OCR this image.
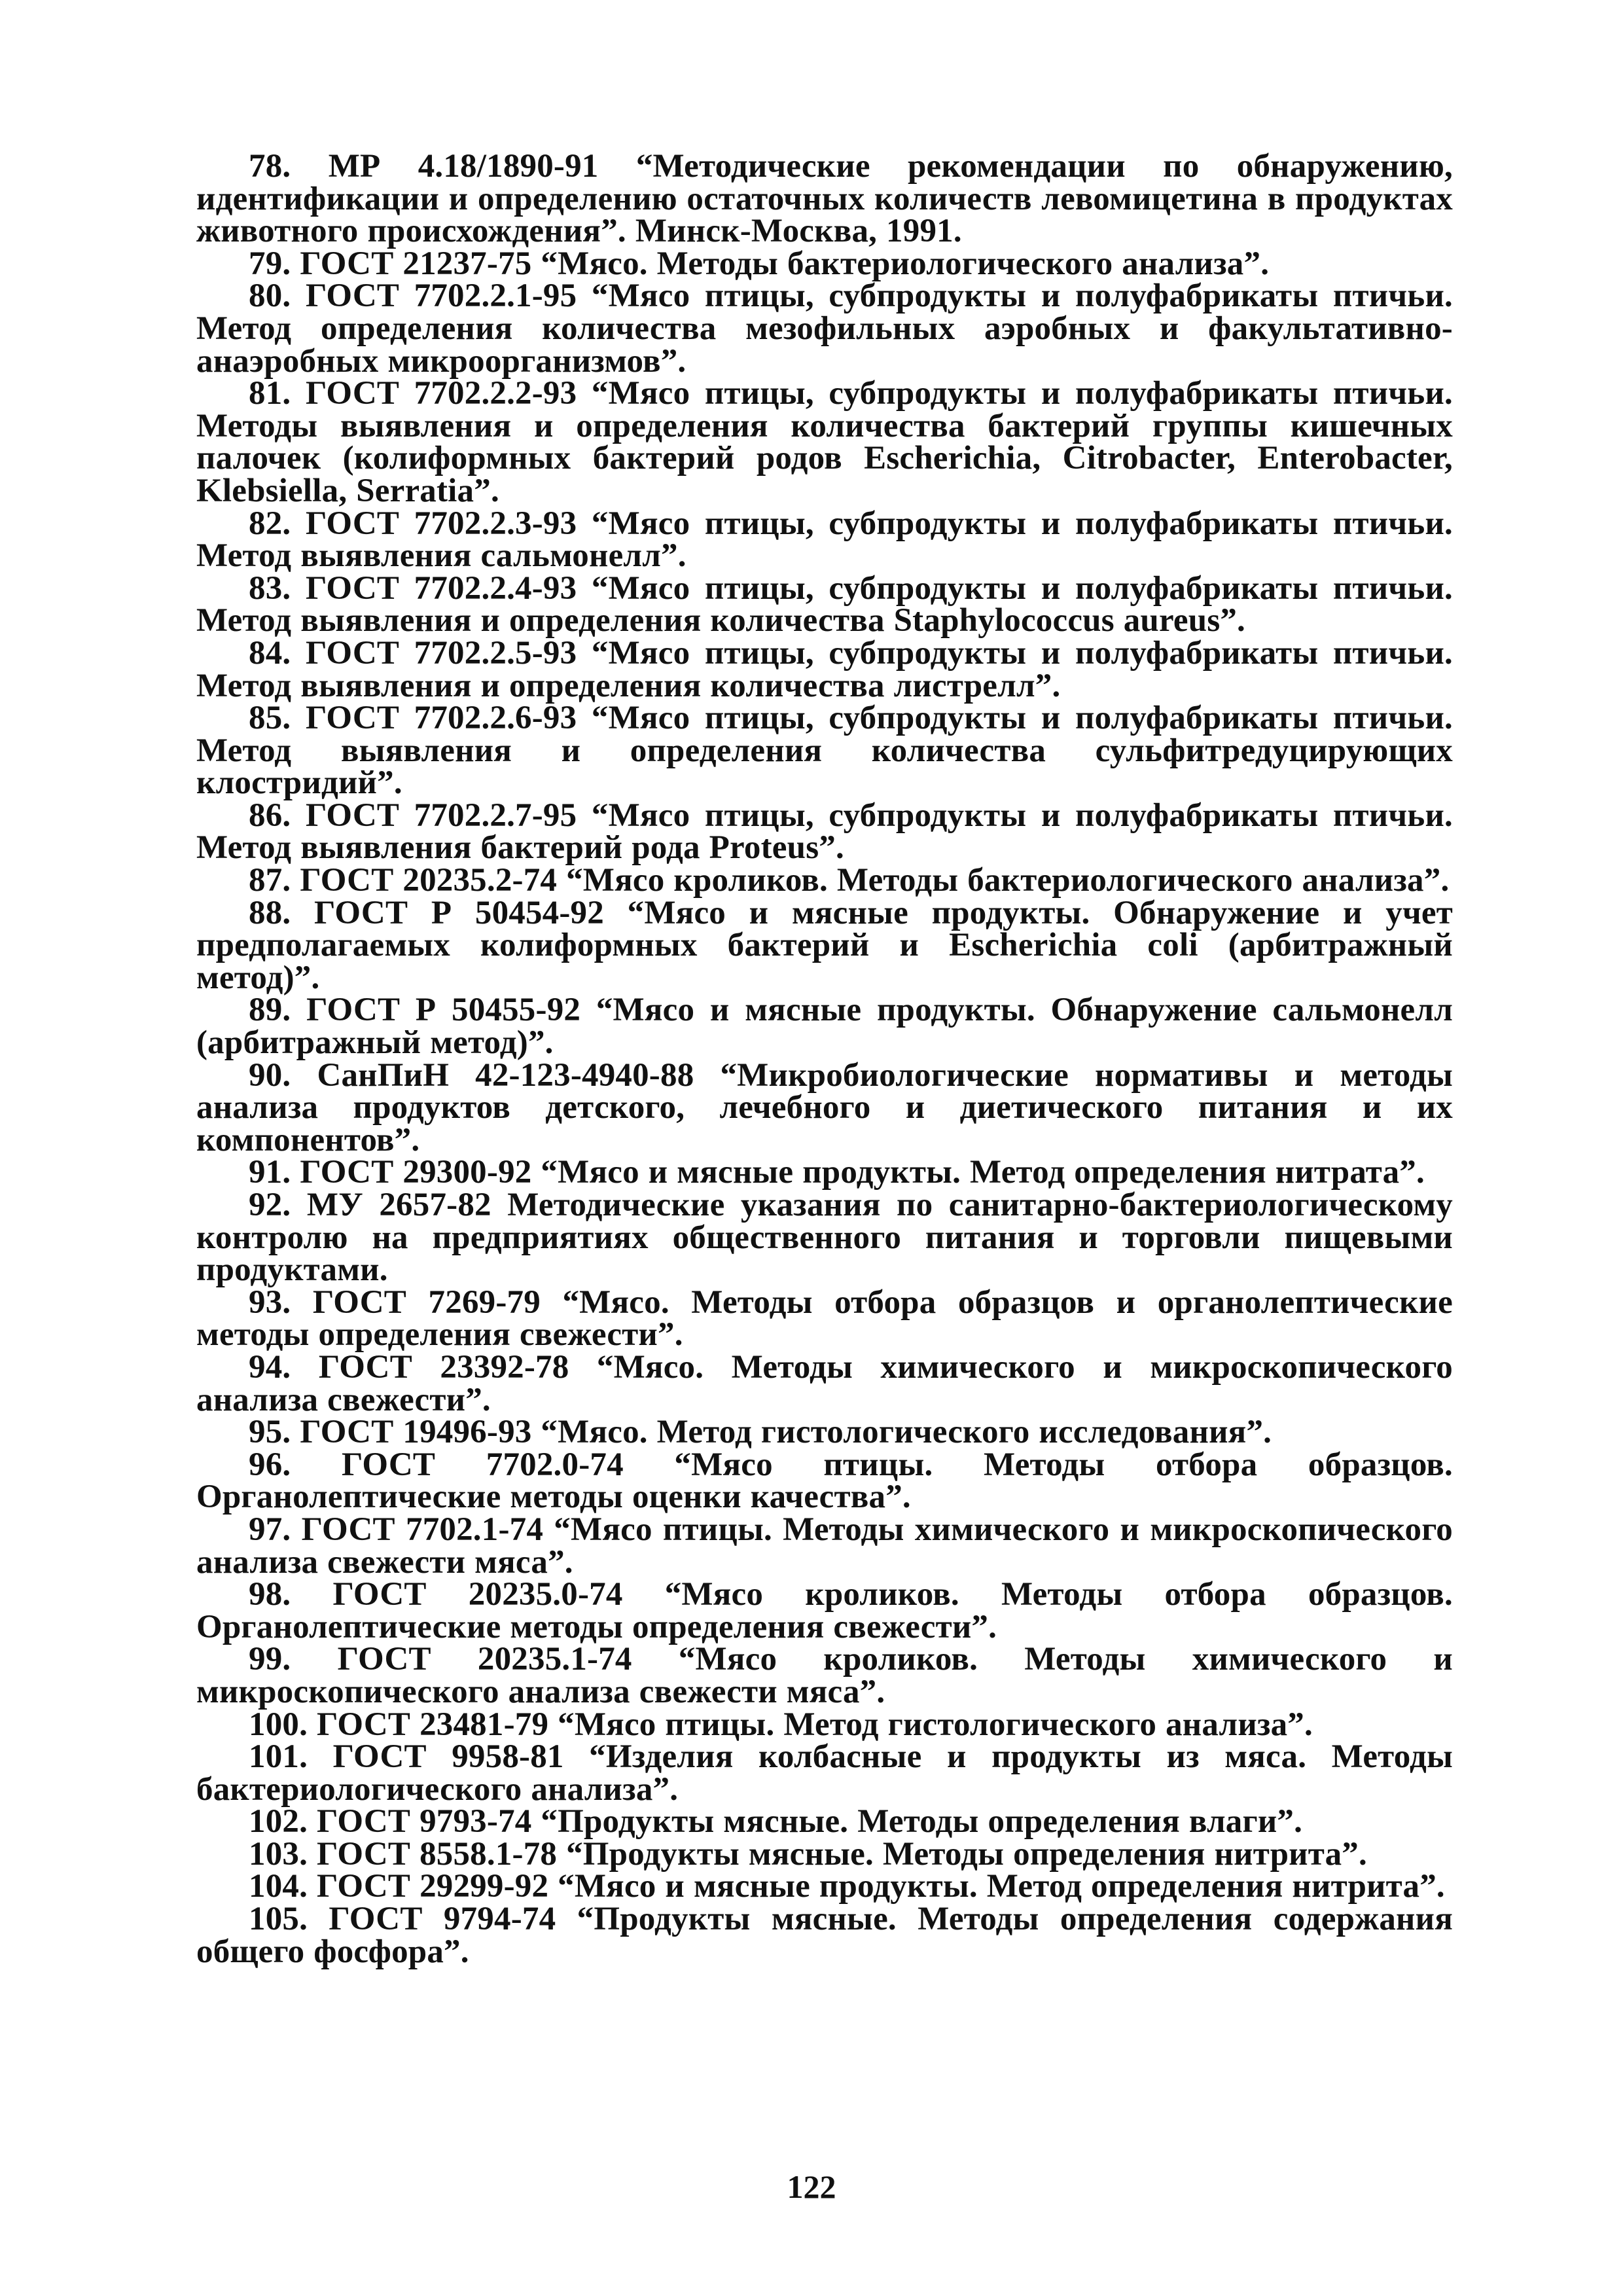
78. МР 4.18/1890-91 “Методические рекомендации по обнаружению, идентификации и определению остаточных количеств левомицетина в продуктах животного происхождения”. Минск-Москва, 1991.

79. ГОСТ 21237-75 “Мясо. Методы бактериологического анализа”.

80. ГОСТ 7702.2.1-95 “Мясо птицы, субпродукты и полуфабрикаты птичьи. Метод определения количества мезофильных аэробных и факультативно-анаэробных микроорганизмов”.

81. ГОСТ 7702.2.2-93 “Мясо птицы, субпродукты и полуфабрикаты птичьи. Методы выявления и определения количества бактерий группы кишечных палочек (колиформных бактерий родов Escherichia, Citrobacter, Enterobacter, Klebsiella, Serratia”.

82. ГОСТ 7702.2.3-93 “Мясо птицы, субпродукты и полуфабрикаты птичьи. Метод выявления сальмонелл”.

83. ГОСТ 7702.2.4-93 “Мясо птицы, субпродукты и полуфабрикаты птичьи. Метод выявления и определения количества Staphylococcus aureus”.

84. ГОСТ 7702.2.5-93 “Мясо птицы, субпродукты и полуфабрикаты птичьи. Метод выявления и определения количества листрелл”.

85. ГОСТ 7702.2.6-93 “Мясо птицы, субпродукты и полуфабрикаты птичьи. Метод выявления и определения количества сульфитредуцирующих клостридий”.

86. ГОСТ 7702.2.7-95 “Мясо птицы, субпродукты и полуфабрикаты птичьи. Метод выявления бактерий рода Proteus”.

87. ГОСТ 20235.2-74 “Мясо кроликов. Методы бактериологического анализа”.

88. ГОСТ Р 50454-92 “Мясо и мясные продукты. Обнаружение и учет предполагаемых колиформных бактерий и Escherichia coli (арбитражный метод)”.

89. ГОСТ Р 50455-92 “Мясо и мясные продукты. Обнаружение сальмонелл (арбитражный метод)”.

90. СанПиН 42-123-4940-88 “Микробиологические нормативы и методы анализа продуктов детского, лечебного и диетического питания и их компонентов”.

91. ГОСТ 29300-92 “Мясо и мясные продукты. Метод определения нитрата”.

92. МУ 2657-82 Методические указания по санитарно-бактериологическому контролю на предприятиях общественного питания и торговли пищевыми продуктами.

93. ГОСТ 7269-79 “Мясо. Методы отбора образцов и органолептические методы определения свежести”.

94. ГОСТ 23392-78 “Мясо. Методы химического и микроскопического анализа свежести”.

95. ГОСТ 19496-93 “Мясо. Метод гистологического исследования”.

96. ГОСТ 7702.0-74 “Мясо птицы. Методы отбора образцов. Органолептические методы оценки качества”.

97. ГОСТ 7702.1-74 “Мясо птицы. Методы химического и микроскопического анализа свежести мяса”.

98. ГОСТ 20235.0-74 “Мясо кроликов. Методы отбора образцов. Органолептические методы определения свежести”.

99. ГОСТ 20235.1-74 “Мясо кроликов. Методы химического и микроскопического анализа свежести мяса”.

100. ГОСТ 23481-79 “Мясо птицы. Метод гистологического анализа”.

101. ГОСТ 9958-81 “Изделия колбасные и продукты из мяса. Методы бактериологического анализа”.

102. ГОСТ 9793-74 “Продукты мясные. Методы определения влаги”.

103. ГОСТ 8558.1-78 “Продукты мясные. Методы определения нитрита”.

104. ГОСТ 29299-92 “Мясо и мясные продукты. Метод определения нитрита”.

105. ГОСТ 9794-74 “Продукты мясные. Методы определения содержания общего фосфора”.

122
